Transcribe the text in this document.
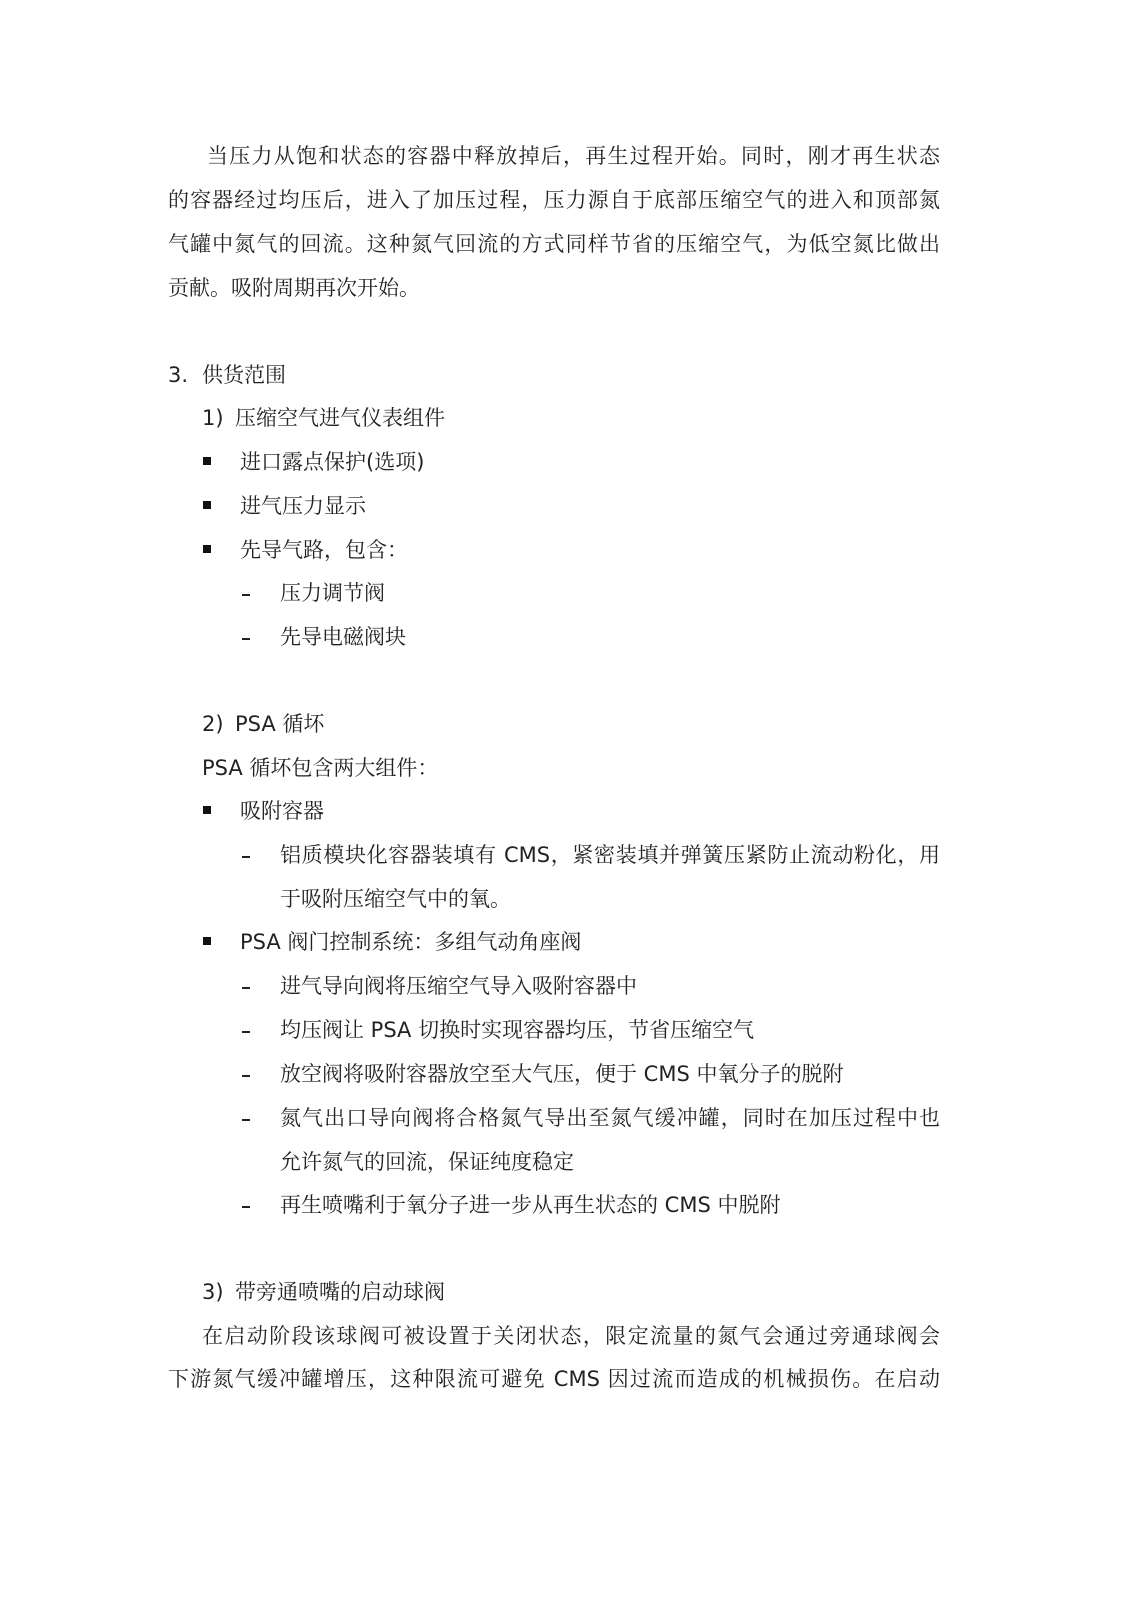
当压力从饱和状态的容器中释放掉后，再生过程开始。同时，刚才再生状态
的容器经过均压后，进入了加压过程，压力源自于底部压缩空气的进入和顶部氮
气罐中氮气的回流。这种氮气回流的方式同样节省的压缩空气，为低空氮比做出
贡献。吸附周期再次开始。
3. 供货范围
1) 压缩空气进气仪表组件
进口露点保护(选项)
进气压力显示
先导气路，包含：
压力调节阀
先导电磁阀块
2) PSA 循坏
PSA 循坏包含两大组件：
吸附容器
铝质模块化容器装填有 CMS，紧密装填并弹簧压紧防止流动粉化，用
于吸附压缩空气中的氧。
PSA 阀门控制系统：多组气动角座阀
进气导向阀将压缩空气导入吸附容器中
均压阀让 PSA 切换时实现容器均压，节省压缩空气
放空阀将吸附容器放空至大气压，便于 CMS 中氧分子的脱附
氮气出口导向阀将合格氮气导出至氮气缓冲罐，同时在加压过程中也
允许氮气的回流，保证纯度稳定
再生喷嘴利于氧分子进一步从再生状态的 CMS 中脱附
3) 带旁通喷嘴的启动球阀
在启动阶段该球阀可被设置于关闭状态，限定流量的氮气会通过旁通球阀会
下游氮气缓冲罐增压，这种限流可避免 CMS 因过流而造成的机械损伤。在启动
